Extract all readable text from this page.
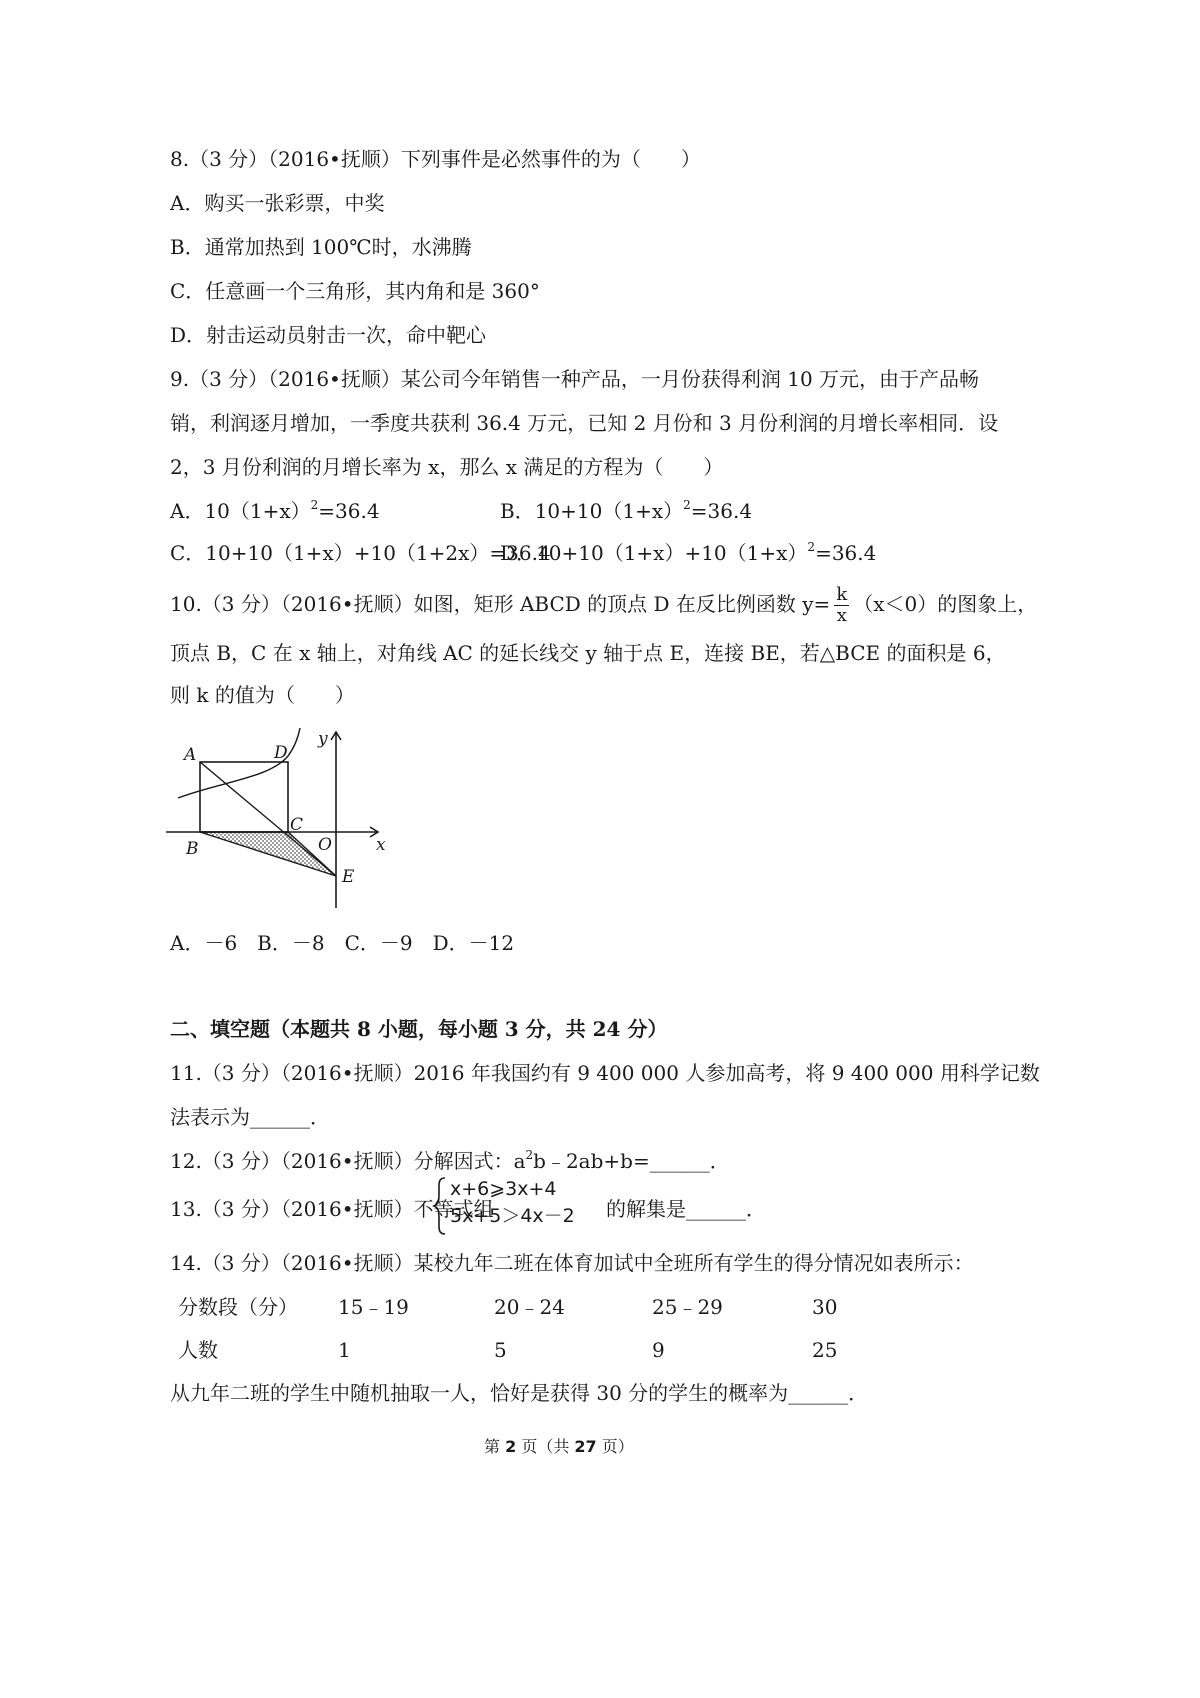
8.（3 分）（2016•抚顺）下列事件是必然事件的为（　　）
A．购买一张彩票，中奖
B．通常加热到 100℃时，水沸腾
C．任意画一个三角形，其内角和是 360°
D．射击运动员射击一次，命中靶心
9.（3 分）（2016•抚顺）某公司今年销售一种产品，一月份获得利润 10 万元，由于产品畅
销，利润逐月增加，一季度共获利 36.4 万元，已知 2 月份和 3 月份利润的月增长率相同．设
2，3 月份利润的月增长率为 x，那么 x 满足的方程为（　　）
A．$10(1+x)^2=36.4$	B．$10+10(1+x)^2=36.4$
C．10+10（1+x）+10（1+2x）=36.4
D．$10+10(1+x)+10(1+x)^2=36.4$
10.（3 分）（2016•抚顺）如图，矩形 ABCD 的顶点 D 在反比例函数 $y= \frac{k}{x} (x<0)$的图象上，
顶点 B，C 在 x 轴上，对角线 AC 的延长线交 y 轴于点 E，连接 BE，若△BCE 的面积是 6，
则 k 的值为（　　）
A	D
C
B	O
E
x
y
A．－6　B．－8　C．－9　D．－12
二、填空题（本题共 8 小题，每小题 3 分，共 24 分）
11.（3 分）（2016•抚顺）2016 年我国约有 9 400 000 人参加高考，将 9 400 000 用科学记数
法表示为______．
12.（3 分）（2016•抚顺）分解因式：$a^2b﹣2ab+b=\_\_\_\_\_\_$．
13.（3 分）（2016•抚顺）不等式组
x+6⩾3x+4
5x+5＞4x－2 的解集是______．
14.（3 分）（2016•抚顺）某校九年二班在体育加试中全班所有学生的得分情况如表所示：
分数段（分） 15﹣19	20﹣24	25﹣29	30
人数	1	5	9	25
从九年二班的学生中随机抽取一人，恰好是获得 30 分的学生的概率为______．
第 2 页（共 27 页）
